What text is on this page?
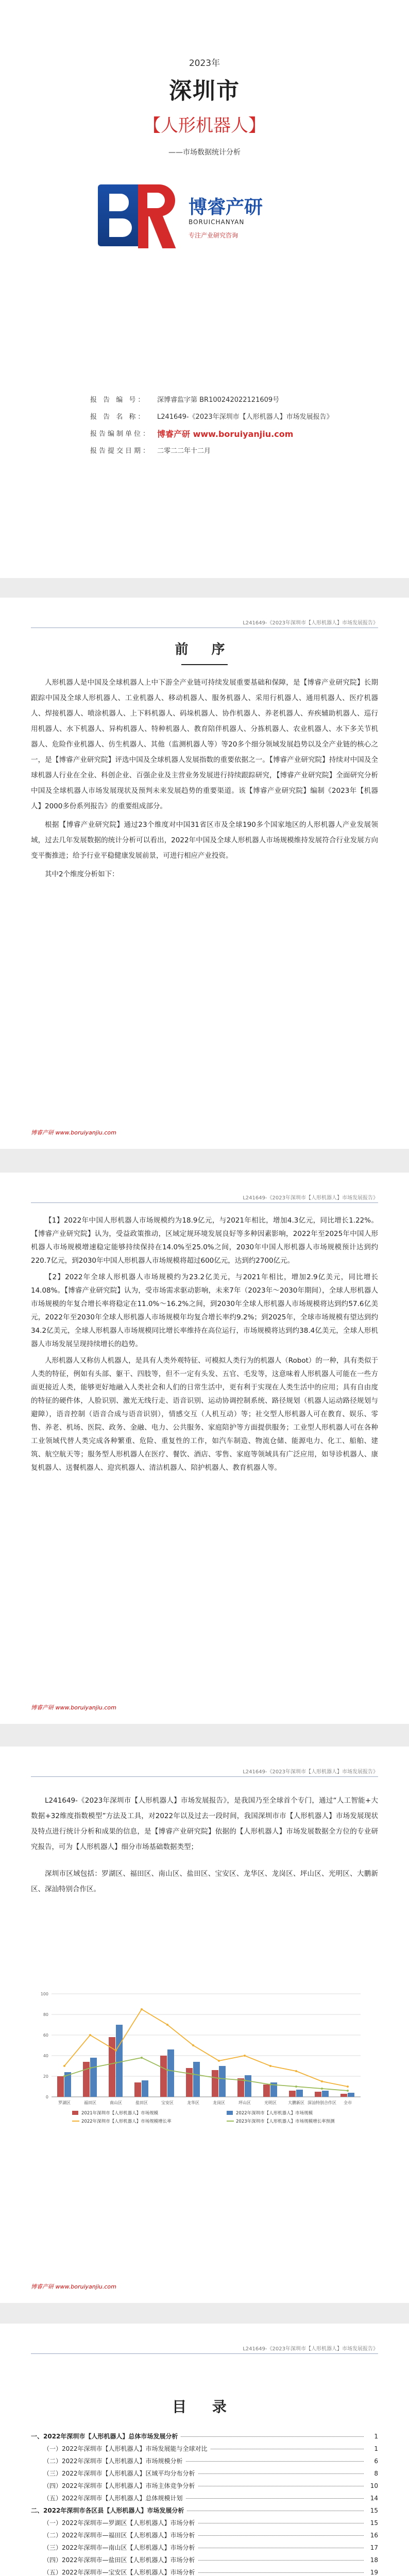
2023年
深圳市
【人形机器人】
——市场数据统计分析
博睿产研
BORUICHANYAN
专注产业研究咨询
报 告 编 号：	深博睿监字第 BR1002420221216​09号
报 告 名 称：	L241649-《2023年深圳市【人形机器人】市场发展报告》
报告编制单位： 博睿产研 www.boruiyanjiu.com
报告提交日期： 二零二二年十二月
L241649-《2023年深圳市【人形机器人】市场发展报告》
前 序

人形机器人是中国及全球机器人上中下游全产业链可持续发展重要基础和保障，是【博睿产业研究院】长期跟踪中国及全球人形机器人、工业机器人、移动机器人、服务机器人、采用行机器人、通用机器人、医疗机器人、焊接机器人、喷涂机器人、上下料机器人、码垛机器人、协作机器人、养老机器人、弃疾辅助机器人、巡行用机器人、水下机器人、异构机器人、特种机器人、教育陪伴机器人、分拣机器人、农业机器人、水下多关节机器人、危险作业机器人、仿生机器人、其他（监测机器人等）等20多个细分领域发展趋势以及全产业链的核心之一，是【博睿产业研究院】评选中国及全球机器人发展指数的重要依据之一。【博睿产业研究院】持续对中国及全球机器人行业在全业、科创企业、百强企业及主营业务发展进行持续跟踪研究，【博睿产业研究院】全面研究分析中国及全球机器人市场发展现状及预判未来发展趋势的重要渠道。该【博睿产业研究院】编制《2023年【机器人】2000多份系列报告》的重要组成部分。

根据【博睿产业研究院】通过23个维度对中国31省区市及全球190多个国家地区的人形机器人产业发展领域，过去几年发展数据的统计分析可以看出，2022年中国及全球人形机器人市场规模维持发展符合行业发展方向变平衡推进；给予行业平稳健康发展前景，可进行相应产业投资。

其中2个维度分析如下：

博睿产研 www.boruiyanjiu.com
L241649-《2023年深圳市【人形机器人】市场发展报告》

【1】2022年中国人形机器人市场规模约为18.9亿元，与2021年相比，增加4.3亿元，同比增长1.22%。【博睿产业研究院】认为，受益政策推动，区域定规环境发展良好等多种因素影响，2022年至2025年中国人形机器人市场规模增速稳定能够持续保持在14.0%至25.0%之间，2030年中国人形机器人市场规模预计达到约220.7亿元，到2030年中国人形机器人市场规模将超过600亿元，达到约2700亿元。

【2】2022年全球人形机器人市场规模约为23.2亿美元，与2021年相比，增加2.9亿美元，同比增长14.08%。【博睿产业研究院】认为，受市场需求驱动影响，未来7年（2023年～2030年期间），全球人形机器人市场规模的年复合增长率将稳定在11.0%～16.2%之间，到2030年全球人形机器人市场规模将达到约57.6亿美元，2022年至2030年全球人形机器人市场规模年均复合增长率约9.2%；到2025年，全球市场规模有望达到约34.2亿美元，全球人形机器人市场规模同比增长率维持在高位运行，市场规模将达到约38.4亿美元，全球人形机器人市场发展呈现持续增长的趋势。

人形机器人又称仿人机器人，是具有人类外观特征、可模拟人类行为的机器人（Robot）的一种，具有类似于人类的特征，例如有头部、躯干、四肢等，但不一定有头发、五官、毛发等，这意味着人形机器人可能在一些方面更接近人类，能够更好地融入人类社会和人们的日常生活中，更有利于实现在人类生活中的应用；具有自由度的特征的硬件体，人脸识别、激光无线行走、语音识别、运动协调控制系统、路径规划（机器人运动路径规划与避障），语音控制（语音合成与语音识别），情感交互（人机互动）等；社交型人形机器人可在教育、娱乐、零售、养老、机场、医院、政务、金融、电力、公共服务、家庭陪护等方面提供服务；工业型人形机器人可在各种工业领域代替人类完成各种繁重、危险、重复性的工作，如汽车制造、物流仓储、能源电力、化工、船舶、建筑、航空航天等；服务型人形机器人在医疗、餐饮、酒店、零售、家庭等领域具有广泛应用，如导诊机器人、康复机器人、送餐机器人、迎宾机器人、清洁机器人、陪护机器人、教育机器人等。

博睿产研 www.boruiyanjiu.com
L241649-《2023年深圳市【人形机器人】市场发展报告》

L241649-《2023年深圳市【人形机器人】市场发展报告》，是我国乃至全球首个专门，通过“人工智能+大数据+32维度指数模型”方法及工具，对2022年以及过去一段时间，我国深圳市市【人形机器人】市场发展现状及特点进行统计分析和成果的信息，是【博睿产业研究院】依据的【人形机器人】市场发展数据全方位的专业研究报告，可为【人形机器人】细分市场基础数据类型；

深圳市区域包括：罗湖区、福田区、南山区、盐田区、宝安区、龙华区、龙岗区、坪山区、光明区、大鹏新区、深汕特别合作区。

0
20
40
60
80
100
罗湖区	福田区	南山区	盐田区	宝安区	龙华区	龙岗区	坪山区	光明区	大鹏新区 深汕特别合作区 全市
2021年深圳市【人形机器人】市场规模	2022年深圳市【人形机器人】市场规模
2022年深圳市【人形机器人】市场规模增长率	2023年深圳市【人形机器人】市场规模增长率预测
博睿产研 www.boruiyanjiu.com
L241649-《2023年深圳市【人形机器人】市场发展报告》
目 录
一、2022年深圳市【人形机器人】总体市场发展分析	1
（一）2022年深圳市【人形机器人】市场发展能与全球对比	1
（二）2022年深圳市【人形机器人】市场规模分析	6
（三）2022年深圳市【人形机器人】区域平均分布分析	8
（四）2022年深圳市【人形机器人】市场主体竞争分析	10
（五）2022年深圳市【人形机器人】总体规模计划	14
二、2022年深圳市各区县【人形机器人】市场发展分析	15
（一）2022年深圳市—罗湖区【人形机器人】市场分析	15
（二）2022年深圳市—福田区【人形机器人】市场分析	16
（三）2022年深圳市—南山区【人形机器人】市场分析	17
（四）2022年深圳市—盐田区【人形机器人】市场分析	18
（五）2022年深圳市—宝安区【人形机器人】市场分析	19
